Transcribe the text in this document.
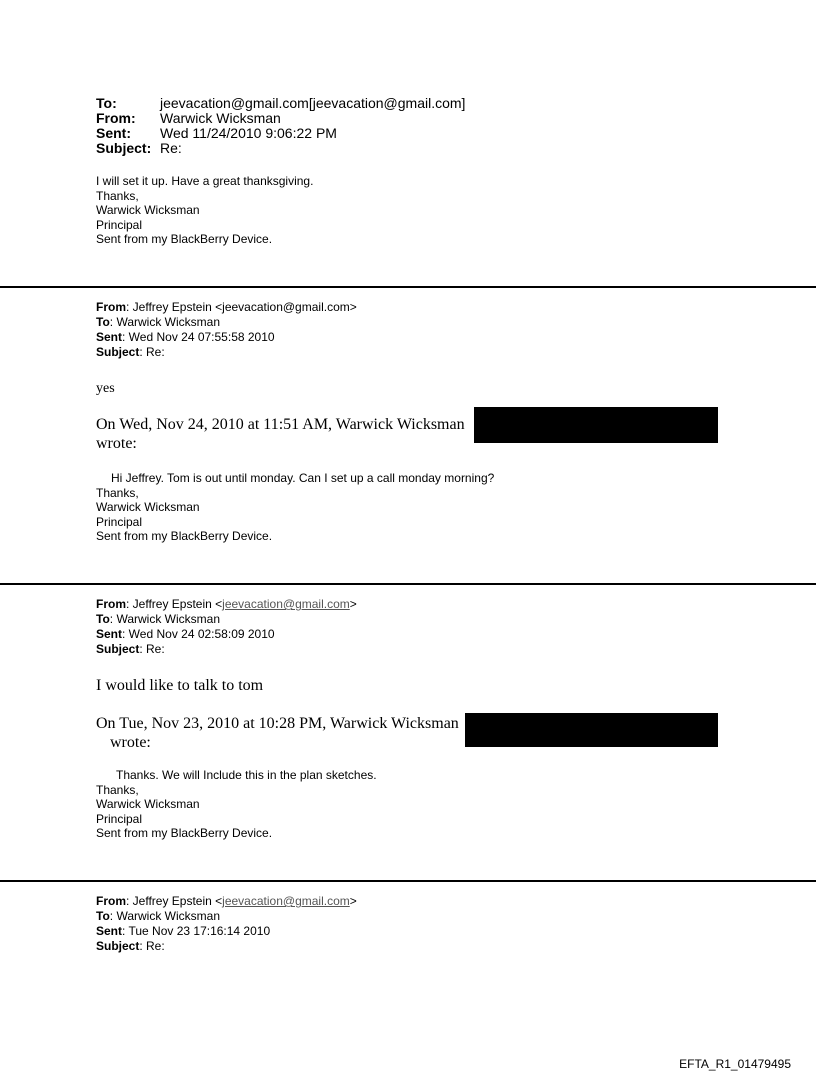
To:	jeevacation@gmail.com[jeevacation@gmail.com]
From:	Warwick Wicksman
Sent:	Wed 11/24/2010 9:06:22 PM
Subject: Re:
I will set it up. Have a great thanksgiving.
Thanks,
Warwick Wicksman
Principal
Sent from my BlackBerry Device.
From: Jeffrey Epstein <jeevacation@gmail.com>
To: Warwick Wicksman
Sent: Wed Nov 24 07:55:58 2010
Subject: Re:
yes
On Wed, Nov 24, 2010 at 11:51 AM, Warwick Wicksman
wrote:
Hi Jeffrey. Tom is out until monday. Can I set up a call monday morning?
Thanks,
Warwick Wicksman
Principal
Sent from my BlackBerry Device.
From: Jeffrey Epstein <jeevacation@gmail.com>
To: Warwick Wicksman
Sent: Wed Nov 24 02:58:09 2010
Subject: Re:
I would like to talk to tom
On Tue, Nov 23, 2010 at 10:28 PM, Warwick Wicksman
wrote:
Thanks. We will Include this in the plan sketches.
Thanks,
Warwick Wicksman
Principal
Sent from my BlackBerry Device.
From: Jeffrey Epstein <jeevacation@gmail.com>
To: Warwick Wicksman
Sent: Tue Nov 23 17:16:14 2010
Subject: Re:
EFTA_R1_01479495
